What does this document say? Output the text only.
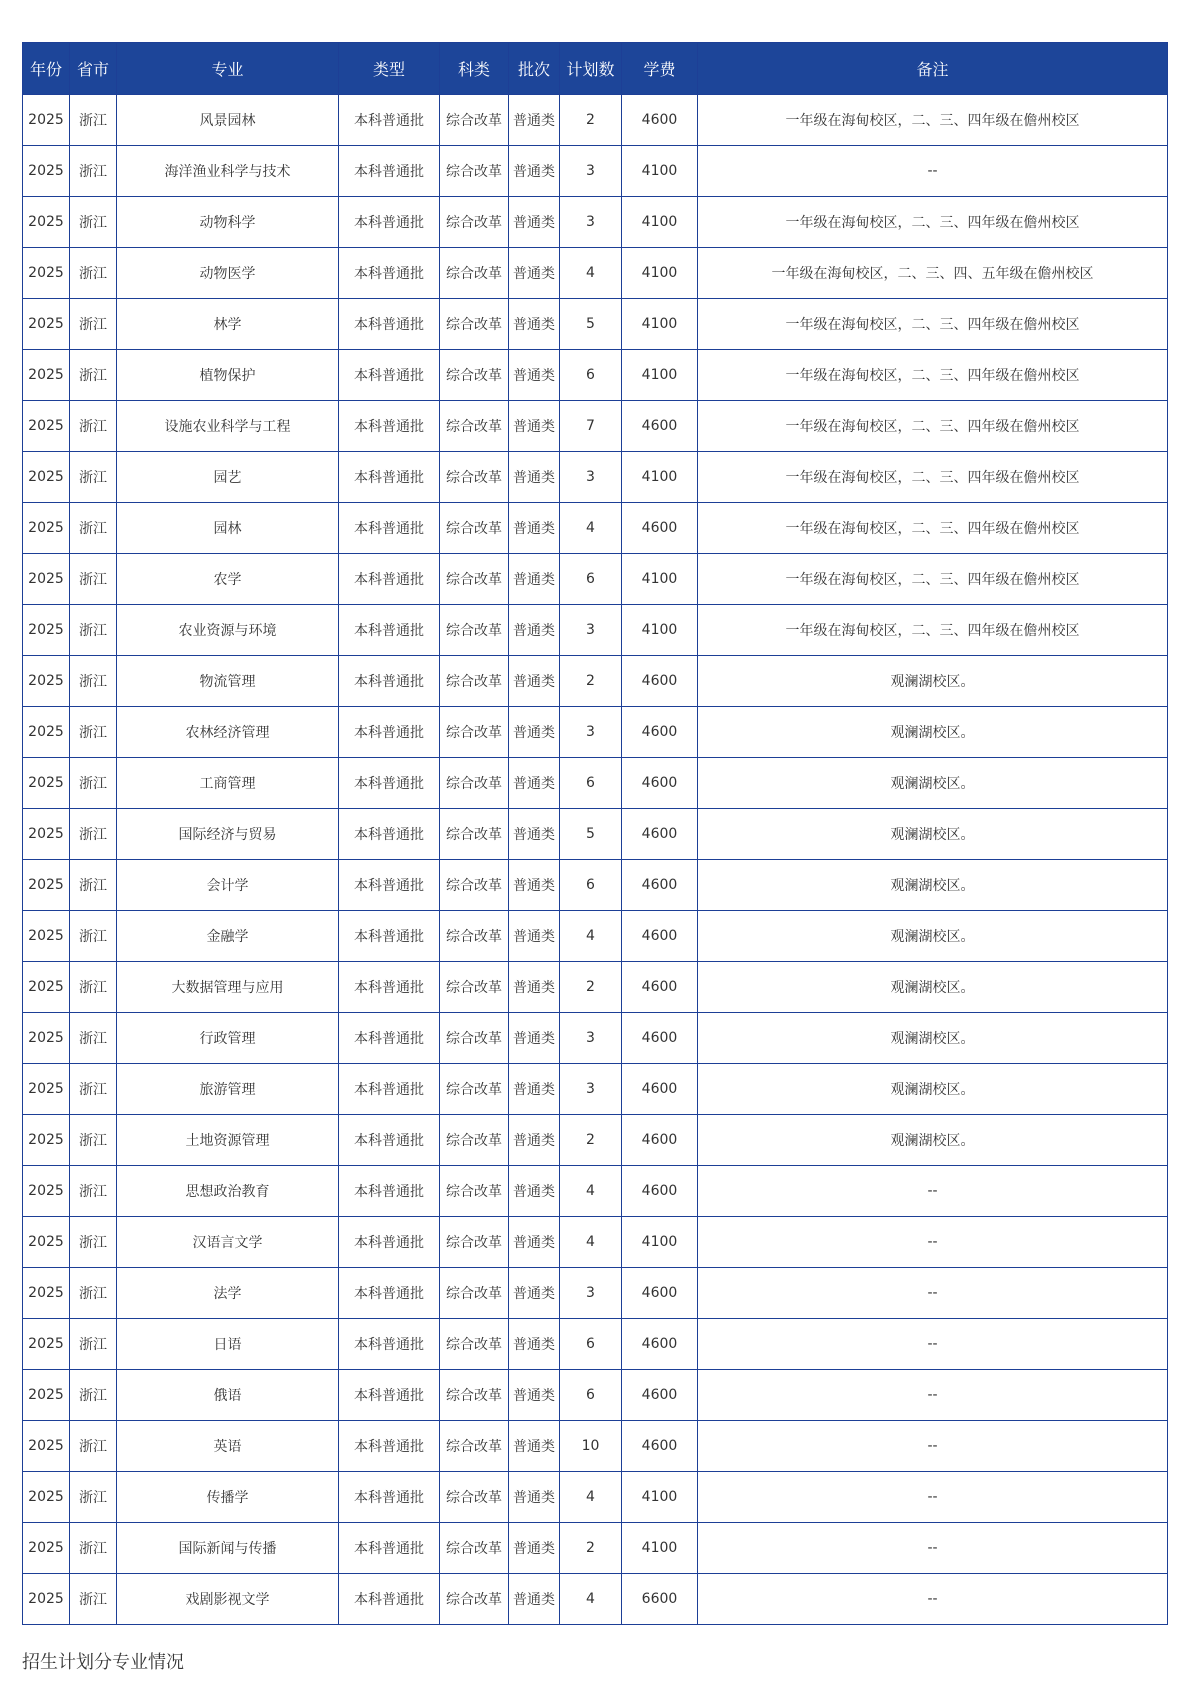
年份	省市	专业	类型	科类	批次	计划数	学费	备注
2025	浙江	风景园林	本科普通批	综合改革	普通类	2	4600	一年级在海甸校区，二、三、四年级在儋州校区
2025	浙江	海洋渔业科学与技术	本科普通批	综合改革	普通类	3	4100	--
2025	浙江	动物科学	本科普通批	综合改革	普通类	3	4100	一年级在海甸校区，二、三、四年级在儋州校区
2025	浙江	动物医学	本科普通批	综合改革	普通类	4	4100	一年级在海甸校区，二、三、四、五年级在儋州校区
2025	浙江	林学	本科普通批	综合改革	普通类	5	4100	一年级在海甸校区，二、三、四年级在儋州校区
2025	浙江	植物保护	本科普通批	综合改革	普通类	6	4100	一年级在海甸校区，二、三、四年级在儋州校区
2025	浙江	设施农业科学与工程	本科普通批	综合改革	普通类	7	4600	一年级在海甸校区，二、三、四年级在儋州校区
2025	浙江	园艺	本科普通批	综合改革	普通类	3	4100	一年级在海甸校区，二、三、四年级在儋州校区
2025	浙江	园林	本科普通批	综合改革	普通类	4	4600	一年级在海甸校区，二、三、四年级在儋州校区
2025	浙江	农学	本科普通批	综合改革	普通类	6	4100	一年级在海甸校区，二、三、四年级在儋州校区
2025	浙江	农业资源与环境	本科普通批	综合改革	普通类	3	4100	一年级在海甸校区，二、三、四年级在儋州校区
2025	浙江	物流管理	本科普通批	综合改革	普通类	2	4600	观澜湖校区。
2025	浙江	农林经济管理	本科普通批	综合改革	普通类	3	4600	观澜湖校区。
2025	浙江	工商管理	本科普通批	综合改革	普通类	6	4600	观澜湖校区。
2025	浙江	国际经济与贸易	本科普通批	综合改革	普通类	5	4600	观澜湖校区。
2025	浙江	会计学	本科普通批	综合改革	普通类	6	4600	观澜湖校区。
2025	浙江	金融学	本科普通批	综合改革	普通类	4	4600	观澜湖校区。
2025	浙江	大数据管理与应用	本科普通批	综合改革	普通类	2	4600	观澜湖校区。
2025	浙江	行政管理	本科普通批	综合改革	普通类	3	4600	观澜湖校区。
2025	浙江	旅游管理	本科普通批	综合改革	普通类	3	4600	观澜湖校区。
2025	浙江	土地资源管理	本科普通批	综合改革	普通类	2	4600	观澜湖校区。
2025	浙江	思想政治教育	本科普通批	综合改革	普通类	4	4600	--
2025	浙江	汉语言文学	本科普通批	综合改革	普通类	4	4100	--
2025	浙江	法学	本科普通批	综合改革	普通类	3	4600	--
2025	浙江	日语	本科普通批	综合改革	普通类	6	4600	--
2025	浙江	俄语	本科普通批	综合改革	普通类	6	4600	--
2025	浙江	英语	本科普通批	综合改革	普通类	10	4600	--
2025	浙江	传播学	本科普通批	综合改革	普通类	4	4100	--
2025	浙江	国际新闻与传播	本科普通批	综合改革	普通类	2	4100	--
2025	浙江	戏剧影视文学	本科普通批	综合改革	普通类	4	6600	--
招生计划分专业情况
